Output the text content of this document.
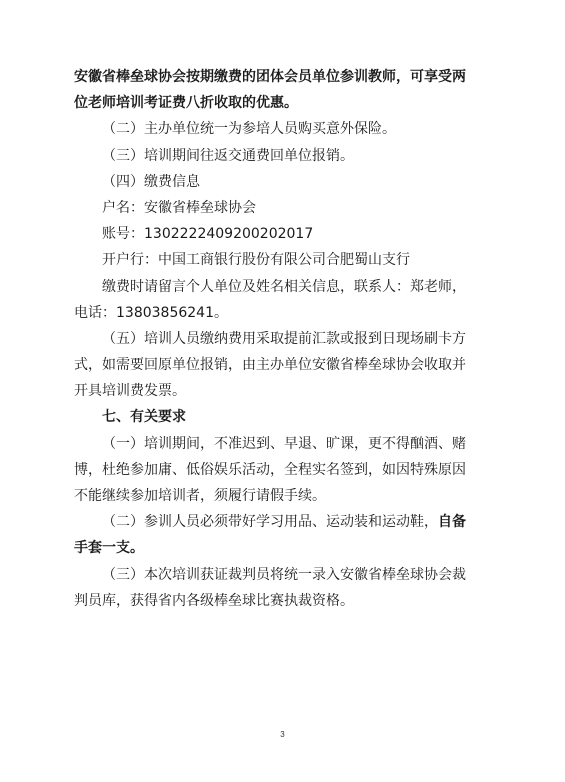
安徽省棒垒球协会按期缴费的团体会员单位参训教师，可享受两
位老师培训考证费八折收取的优惠。
（二）主办单位统一为参培人员购买意外保险。
（三）培训期间往返交通费回单位报销。
（四）缴费信息
户名：安徽省棒垒球协会
账号：1302222409200202017
开户行：中国工商银行股份有限公司合肥蜀山支行
缴费时请留言个人单位及姓名相关信息，联系人：郑老师，
电话：13803856241。
（五）培训人员缴纳费用采取提前汇款或报到日现场刷卡方
式，如需要回原单位报销，由主办单位安徽省棒垒球协会收取并
开具培训费发票。
七、有关要求
（一）培训期间，不准迟到、早退、旷课，更不得酗酒、赌
博，杜绝参加庸、低俗娱乐活动，全程实名签到，如因特殊原因
不能继续参加培训者，须履行请假手续。
（二）参训人员必须带好学习用品、运动装和运动鞋，自备
手套一支。
（三）本次培训获证裁判员将统一录入安徽省棒垒球协会裁
判员库，获得省内各级棒垒球比赛执裁资格。
3
